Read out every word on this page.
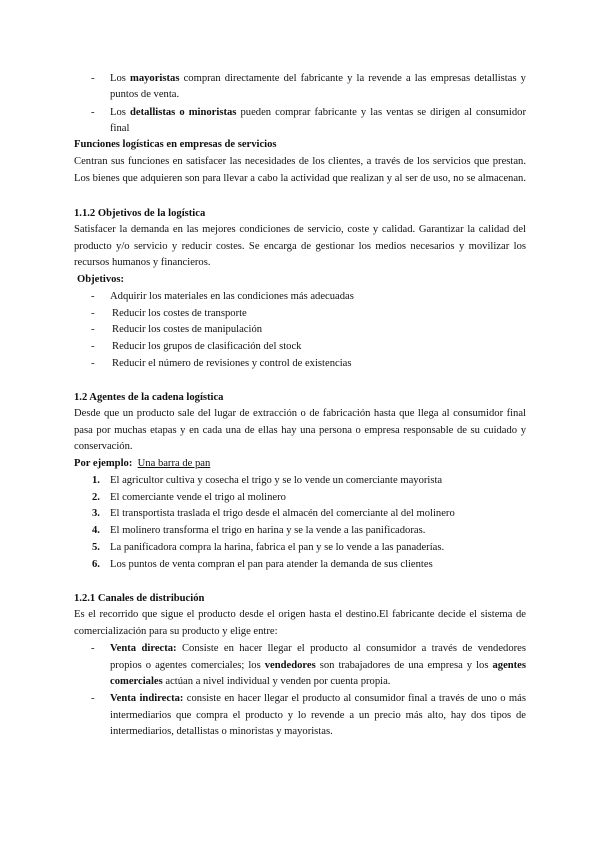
- Los mayoristas compran directamente del fabricante y la revende a las empresas detallistas y
puntos de venta.
- Los detallistas o minoristas pueden comprar fabricante y las ventas se dirigen al consumidor
final
Funciones logísticas en empresas de servicios
Centran sus funciones en satisfacer las necesidades de los clientes, a través de los servicios que prestan.
Los bienes que adquieren son para llevar a cabo la actividad que realizan y al ser de uso, no se almacenan.
1.1.2 Objetivos de la logística
Satisfacer la demanda en las mejores condiciones de servicio, coste y calidad. Garantizar la calidad del
producto y/o servicio y reducir costes. Se encarga de gestionar los medios necesarios y movilizar los
recursos humanos y financieros.
Objetivos:
- Adquirir los materiales en las condiciones más adecuadas
- Reducir los costes de transporte
- Reducir los costes de manipulación
- Reducir los grupos de clasificación del stock
- Reducir el número de revisiones y control de existencias
1.2 Agentes de la cadena logística
Desde que un producto sale del lugar de extracción o de fabricación hasta que llega al consumidor final
pasa por muchas etapas y en cada una de ellas hay una persona o empresa responsable de su cuidado y
conservación.
Por ejemplo: Una barra de pan
1. El agricultor cultiva y cosecha el trigo y se lo vende un comerciante mayorista
2. El comerciante vende el trigo al molinero
3. El transportista traslada el trigo desde el almacén del comerciante al del molinero
4. El molinero transforma el trigo en harina y se la vende a las panificadoras.
5. La panificadora compra la harina, fabrica el pan y se lo vende a las panaderías.
6. Los puntos de venta compran el pan para atender la demanda de sus clientes
1.2.1 Canales de distribución
Es el recorrido que sigue el producto desde el origen hasta el destino.El fabricante decide el sistema de
comercialización para su producto y elige entre:
- Venta directa: Consiste en hacer llegar el producto al consumidor a través de vendedores
propios o agentes comerciales; los vendedores son trabajadores de una empresa y los agentes
comerciales actúan a nivel individual y venden por cuenta propia.
- Venta indirecta: consiste en hacer llegar el producto al consumidor final a través de uno o más
intermediarios que compra el producto y lo revende a un precio más alto, hay dos tipos de
intermediarios, detallistas o minoristas y mayoristas.
